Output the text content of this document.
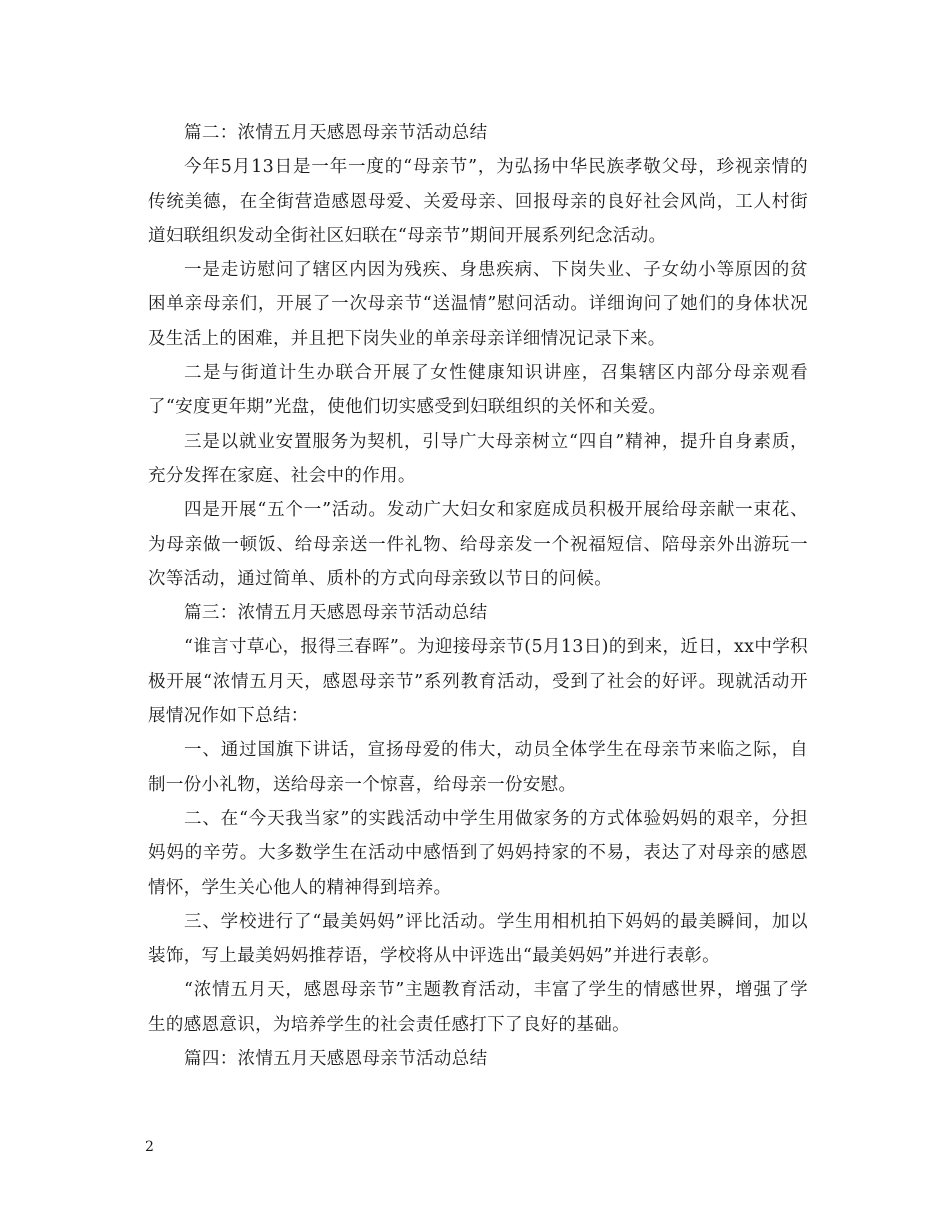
篇二：浓情五月天感恩母亲节活动总结

今年5月13日是一年一度的“母亲节”，为弘扬中华民族孝敬父母，珍视亲情的传统美德，在全街营造感恩母爱、关爱母亲、回报母亲的良好社会风尚，工人村街道妇联组织发动全街社区妇联在“母亲节”期间开展系列纪念活动。

一是走访慰问了辖区内因为残疾、身患疾病、下岗失业、子女幼小等原因的贫困单亲母亲们，开展了一次母亲节“送温情”慰问活动。详细询问了她们的身体状况及生活上的困难，并且把下岗失业的单亲母亲详细情况记录下来。

二是与街道计生办联合开展了女性健康知识讲座，召集辖区内部分母亲观看了“安度更年期”光盘，使他们切实感受到妇联组织的关怀和关爱。

三是以就业安置服务为契机，引导广大母亲树立“四自”精神，提升自身素质，充分发挥在家庭、社会中的作用。

四是开展“五个一”活动。发动广大妇女和家庭成员积极开展给母亲献一束花、为母亲做一顿饭、给母亲送一件礼物、给母亲发一个祝福短信、陪母亲外出游玩一次等活动，通过简单、质朴的方式向母亲致以节日的问候。

篇三：浓情五月天感恩母亲节活动总结

“谁言寸草心，报得三春晖”。为迎接母亲节(5月13日)的到来，近日，xx中学积极开展“浓情五月天，感恩母亲节”系列教育活动，受到了社会的好评。现就活动开展情况作如下总结：

一、通过国旗下讲话，宣扬母爱的伟大，动员全体学生在母亲节来临之际，自制一份小礼物，送给母亲一个惊喜，给母亲一份安慰。

二、在“今天我当家”的实践活动中学生用做家务的方式体验妈妈的艰辛，分担妈妈的辛劳。大多数学生在活动中感悟到了妈妈持家的不易，表达了对母亲的感恩情怀，学生关心他人的精神得到培养。

三、学校进行了“最美妈妈”评比活动。学生用相机拍下妈妈的最美瞬间，加以装饰，写上最美妈妈推荐语，学校将从中评选出“最美妈妈”并进行表彰。

“浓情五月天，感恩母亲节”主题教育活动，丰富了学生的情感世界，增强了学生的感恩意识，为培养学生的社会责任感打下了良好的基础。

篇四：浓情五月天感恩母亲节活动总结

2
